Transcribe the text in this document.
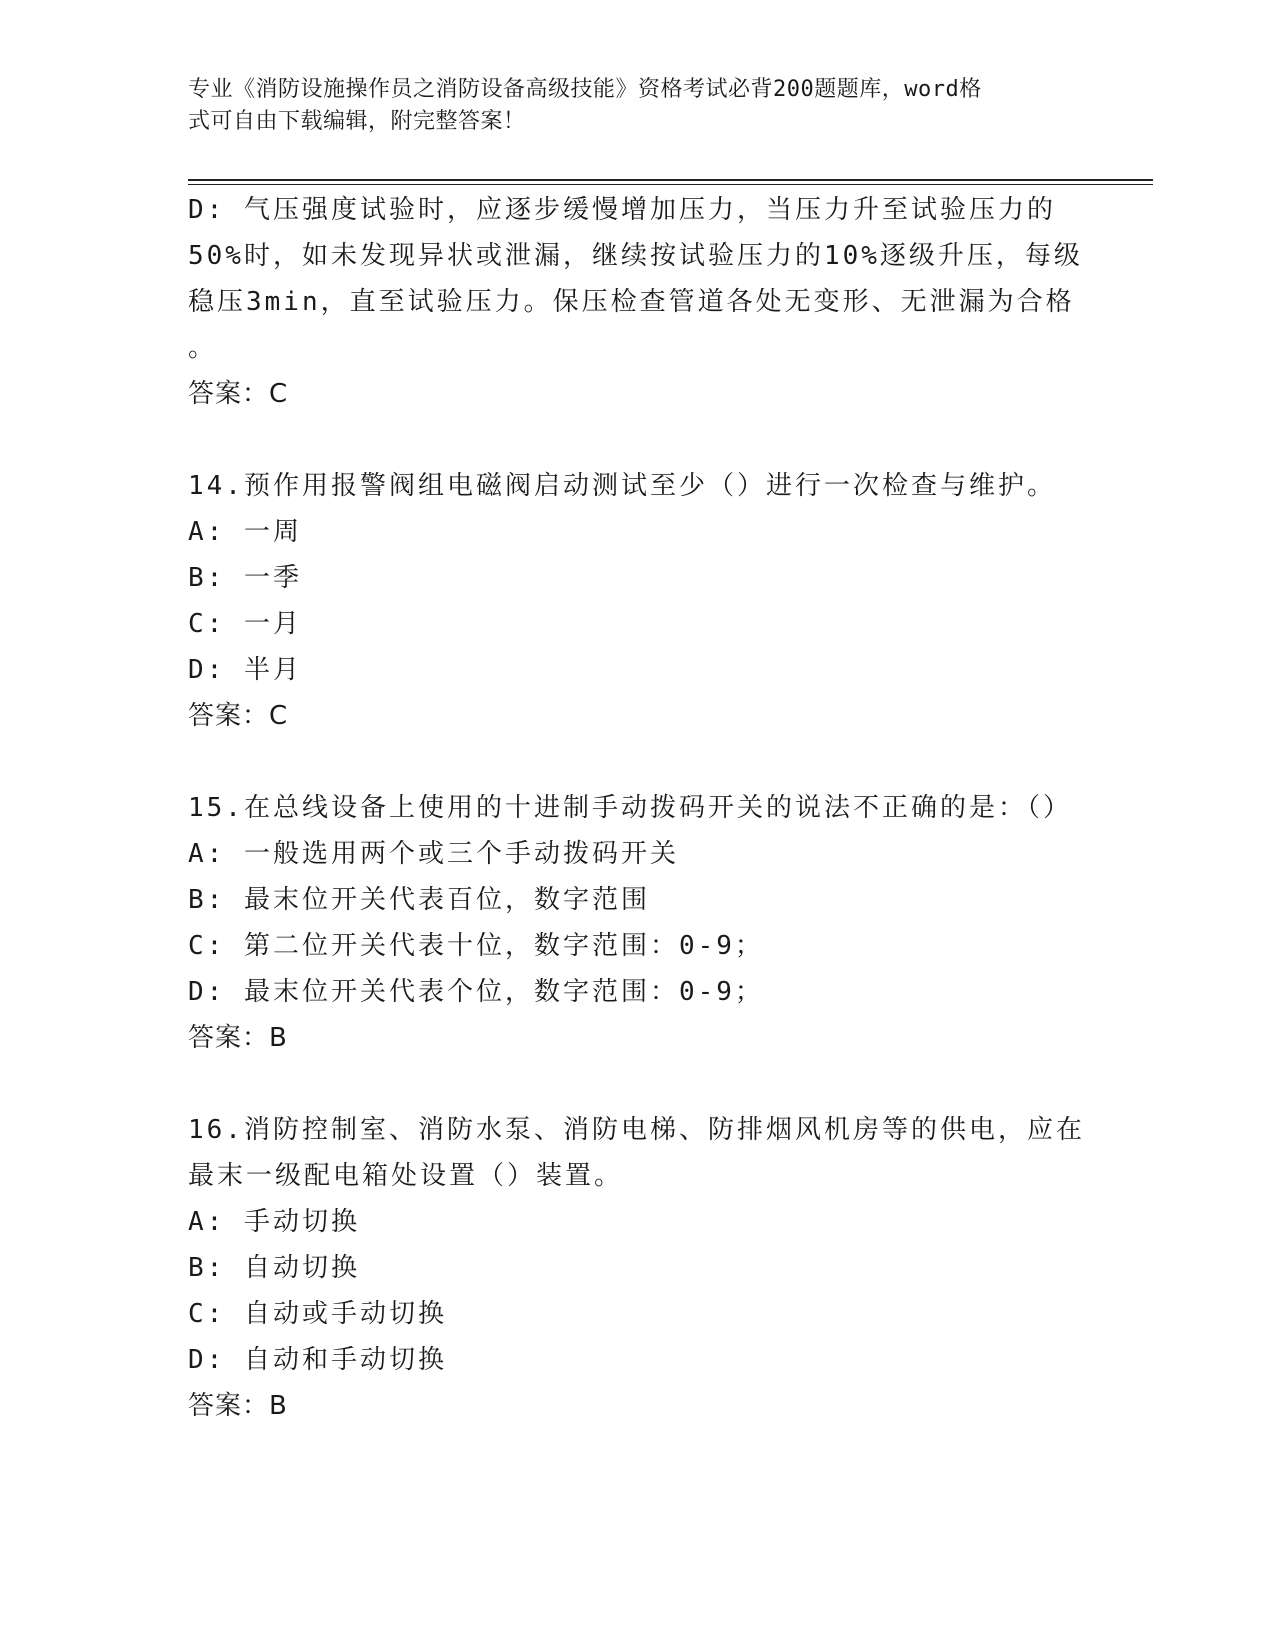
专业《消防设施操作员之消防设备高级技能》资格考试必背200题题库，word格
式可自由下载编辑，附完整答案！
D: 气压强度试验时，应逐步缓慢增加压力，当压力升至试验压力的
50%时，如未发现异状或泄漏，继续按试验压力的10%逐级升压，每级
稳压3min，直至试验压力。保压检查管道各处无变形、无泄漏为合格
。
答案：C
14.预作用报警阀组电磁阀启动测试至少（）进行一次检查与维护。
A: 一周
B: 一季
C: 一月
D: 半月
答案：C
15.在总线设备上使用的十进制手动拨码开关的说法不正确的是：（）
A: 一般选用两个或三个手动拨码开关
B: 最末位开关代表百位，数字范围
C: 第二位开关代表十位，数字范围：0-9；
D: 最末位开关代表个位，数字范围：0-9；
答案：B
16.消防控制室、消防水泵、消防电梯、防排烟风机房等的供电，应在
最末一级配电箱处设置（）装置。
A: 手动切换
B: 自动切换
C: 自动或手动切换
D: 自动和手动切换
答案：B
